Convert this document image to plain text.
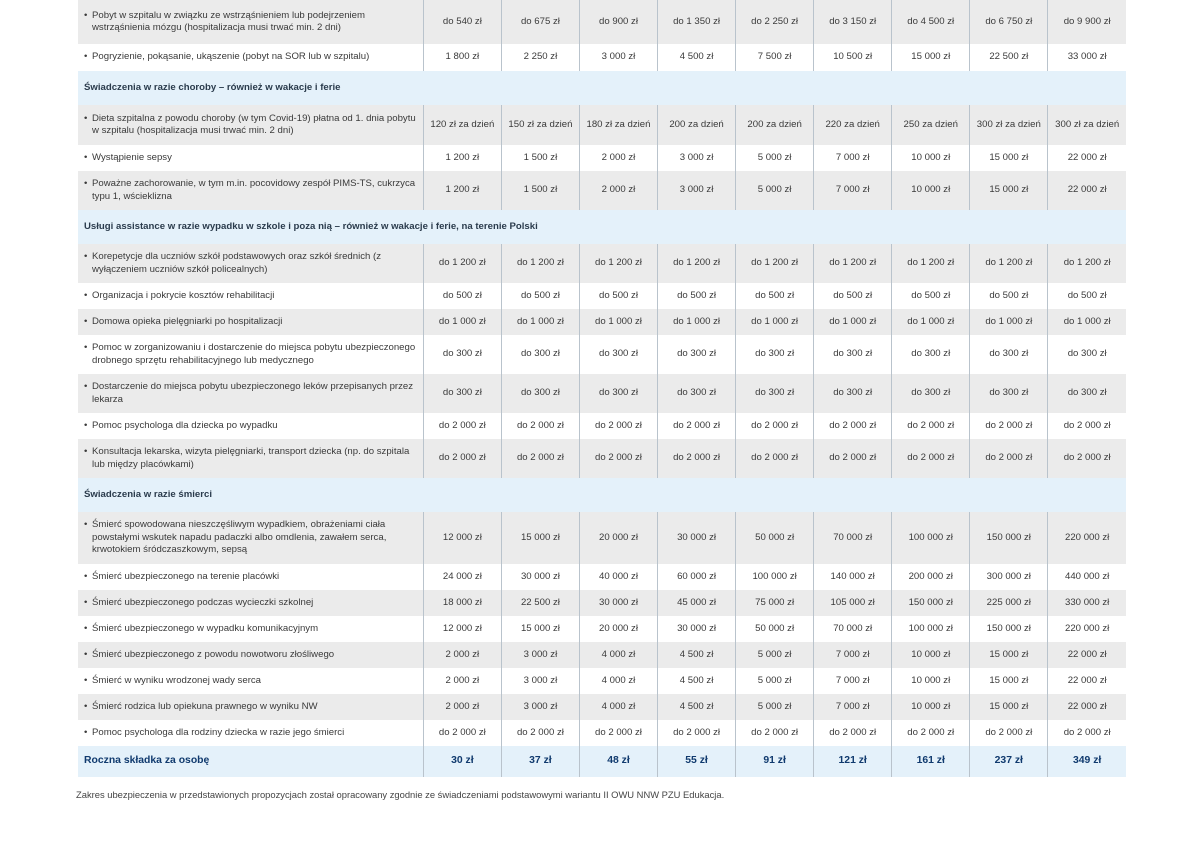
• Pobyt w szpitalu w związku ze wstrząśnieniem lub podejrzeniem wstrząśnienia mózgu (hospitalizacja musi trwać min. 2 dni)	do 540 zł	do 675 zł	do 900 zł	do 1 350 zł	do 2 250 zł	do 3 150 zł	do 4 500 zł	do 6 750 zł	do 9 900 zł

• Pogryzienie, pokąsanie, ukąszenie (pobyt na SOR lub w szpitalu)	1 800 zł	2 250 zł	3 000 zł	4 500 zł	7 500 zł	10 500 zł	15 000 zł	22 500 zł	33 000 zł
Świadczenia w razie choroby – również w wakacje i ferie									

• Dieta szpitalna z powodu choroby (w tym Covid-19) płatna od 1. dnia pobytu w szpitalu (hospitalizacja musi trwać min. 2 dni)	120 zł za dzień	150 zł za dzień	180 zł za dzień	200 za dzień	200 za dzień	220 za dzień	250 za dzień	300 zł za dzień	300 zł za dzień

• Wystąpienie sepsy	1 200 zł	1 500 zł	2 000 zł	3 000 zł	5 000 zł	7 000 zł	10 000 zł	15 000 zł	22 000 zł

• Poważne zachorowanie, w tym m.in. pocovidowy zespół PIMS-TS, cukrzyca typu 1, wścieklizna	1 200 zł	1 500 zł	2 000 zł	3 000 zł	5 000 zł	7 000 zł	10 000 zł	15 000 zł	22 000 zł
Usługi assistance w razie wypadku w szkole i poza nią – również w wakacje i ferie, na terenie Polski									

• Korepetycje dla uczniów szkół podstawowych oraz szkół średnich (z wyłączeniem uczniów szkół policealnych)	do 1 200 zł	do 1 200 zł	do 1 200 zł	do 1 200 zł	do 1 200 zł	do 1 200 zł	do 1 200 zł	do 1 200 zł	do 1 200 zł

• Organizacja i pokrycie kosztów rehabilitacji	do 500 zł	do 500 zł	do 500 zł	do 500 zł	do 500 zł	do 500 zł	do 500 zł	do 500 zł	do 500 zł

• Domowa opieka pielęgniarki po hospitalizacji	do 1 000 zł	do 1 000 zł	do 1 000 zł	do 1 000 zł	do 1 000 zł	do 1 000 zł	do 1 000 zł	do 1 000 zł	do 1 000 zł

• Pomoc w zorganizowaniu i dostarczenie do miejsca pobytu ubezpieczonego drobnego sprzętu rehabilitacyjnego lub medycznego	do 300 zł	do 300 zł	do 300 zł	do 300 zł	do 300 zł	do 300 zł	do 300 zł	do 300 zł	do 300 zł

• Dostarczenie do miejsca pobytu ubezpieczonego leków przepisanych przez lekarza	do 300 zł	do 300 zł	do 300 zł	do 300 zł	do 300 zł	do 300 zł	do 300 zł	do 300 zł	do 300 zł

• Pomoc psychologa dla dziecka po wypadku	do 2 000 zł	do 2 000 zł	do 2 000 zł	do 2 000 zł	do 2 000 zł	do 2 000 zł	do 2 000 zł	do 2 000 zł	do 2 000 zł

• Konsultacja lekarska, wizyta pielęgniarki, transport dziecka (np. do szpitala lub między placówkami)	do 2 000 zł	do 2 000 zł	do 2 000 zł	do 2 000 zł	do 2 000 zł	do 2 000 zł	do 2 000 zł	do 2 000 zł	do 2 000 zł
Świadczenia w razie śmierci									

• Śmierć spowodowana nieszczęśliwym wypadkiem, obrażeniami ciała powstałymi wskutek napadu padaczki albo omdlenia, zawałem serca, krwotokiem śródczaszkowym, sepsą	12 000 zł	15 000 zł	20 000 zł	30 000 zł	50 000 zł	70 000 zł	100 000 zł	150 000 zł	220 000 zł

• Śmierć ubezpieczonego na terenie placówki	24 000 zł	30 000 zł	40 000 zł	60 000 zł	100 000 zł	140 000 zł	200 000 zł	300 000 zł	440 000 zł

• Śmierć ubezpieczonego podczas wycieczki szkolnej	18 000 zł	22 500 zł	30 000 zł	45 000 zł	75 000 zł	105 000 zł	150 000 zł	225 000 zł	330 000 zł

• Śmierć ubezpieczonego w wypadku komunikacyjnym	12 000 zł	15 000 zł	20 000 zł	30 000 zł	50 000 zł	70 000 zł	100 000 zł	150 000 zł	220 000 zł

• Śmierć ubezpieczonego z powodu nowotworu złośliwego	2 000 zł	3 000 zł	4 000 zł	4 500 zł	5 000 zł	7 000 zł	10 000 zł	15 000 zł	22 000 zł

• Śmierć w wyniku wrodzonej wady serca	2 000 zł	3 000 zł	4 000 zł	4 500 zł	5 000 zł	7 000 zł	10 000 zł	15 000 zł	22 000 zł

• Śmierć rodzica lub opiekuna prawnego w wyniku NW	2 000 zł	3 000 zł	4 000 zł	4 500 zł	5 000 zł	7 000 zł	10 000 zł	15 000 zł	22 000 zł

• Pomoc psychologa dla rodziny dziecka w razie jego śmierci	do 2 000 zł	do 2 000 zł	do 2 000 zł	do 2 000 zł	do 2 000 zł	do 2 000 zł	do 2 000 zł	do 2 000 zł	do 2 000 zł
Roczna składka za osobę	30 zł	37 zł	48 zł	55 zł	91 zł	121 zł	161 zł	237 zł	349 zł
Zakres ubezpieczenia w przedstawionych propozycjach został opracowany zgodnie ze świadczeniami podstawowymi wariantu II OWU NNW PZU Edukacja.
